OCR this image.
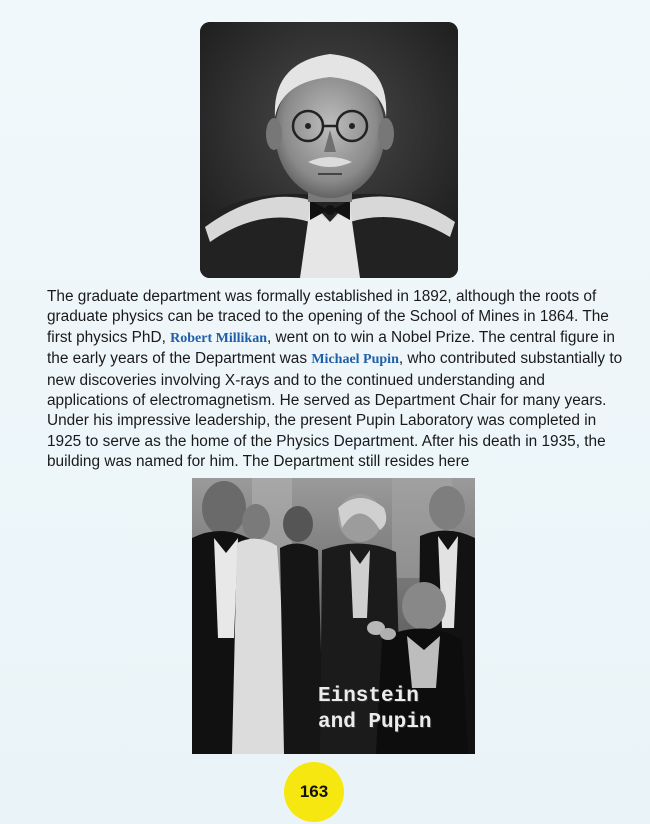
The graduate department was formally established in 1892, although the roots of graduate physics can be traced to the opening of the School of Mines in 1864. The first physics PhD, Robert Millikan, went on to win a Nobel Prize. The central figure in the early years of the Department was Michael Pupin, who contributed substantially to new discoveries involving X-rays and to the continued understanding and applications of electromagnetism. He served as Department Chair for many years. Under his impressive leadership, the present Pupin Laboratory was completed in 1925 to serve as the home of the Physics Department. After his death in 1935, the building was named for him. The Department still resides here

Einstein
and Pupin
163
